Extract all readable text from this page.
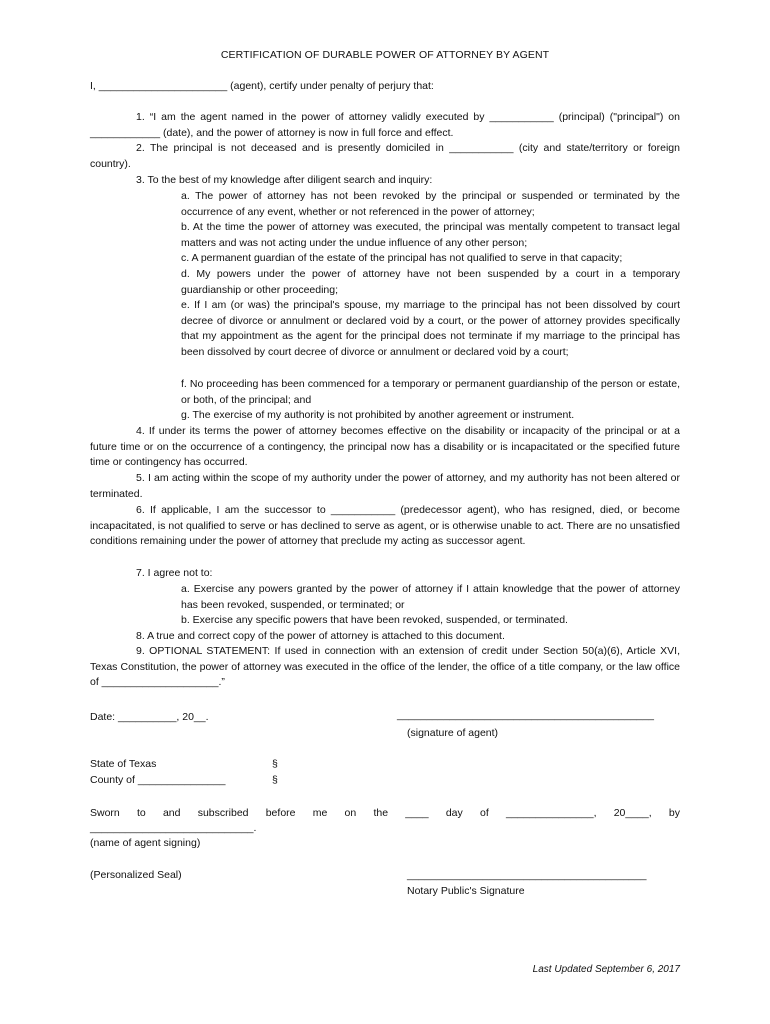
CERTIFICATION OF DURABLE POWER OF ATTORNEY BY AGENT
I, ______________________ (agent), certify under penalty of perjury that:
1. “I am the agent named in the power of attorney validly executed by ___________ (principal) ("principal") on ____________ (date), and the power of attorney is now in full force and effect.
2. The principal is not deceased and is presently domiciled in ___________ (city and state/territory or foreign country).
3. To the best of my knowledge after diligent search and inquiry:
a. The power of attorney has not been revoked by the principal or suspended or terminated by the occurrence of any event, whether or not referenced in the power of attorney;
b. At the time the power of attorney was executed, the principal was mentally competent to transact legal matters and was not acting under the undue influence of any other person;
c. A permanent guardian of the estate of the principal has not qualified to serve in that capacity;
d. My powers under the power of attorney have not been suspended by a court in a temporary guardianship or other proceeding;
e. If I am (or was) the principal's spouse, my marriage to the principal has not been dissolved by court decree of divorce or annulment or declared void by a court, or the power of attorney provides specifically that my appointment as the agent for the principal does not terminate if my marriage to the principal has been dissolved by court decree of divorce or annulment or declared void by a court;
f. No proceeding has been commenced for a temporary or permanent guardianship of the person or estate, or both, of the principal; and
g. The exercise of my authority is not prohibited by another agreement or instrument.
4. If under its terms the power of attorney becomes effective on the disability or incapacity of the principal or at a future time or on the occurrence of a contingency, the principal now has a disability or is incapacitated or the specified future time or contingency has occurred.
5. I am acting within the scope of my authority under the power of attorney, and my authority has not been altered or terminated.
6. If applicable, I am the successor to ___________ (predecessor agent), who has resigned, died, or become incapacitated, is not qualified to serve or has declined to serve as agent, or is otherwise unable to act. There are no unsatisfied conditions remaining under the power of attorney that preclude my acting as successor agent.
7. I agree not to:
a. Exercise any powers granted by the power of attorney if I attain knowledge that the power of attorney has been revoked, suspended, or terminated; or
b. Exercise any specific powers that have been revoked, suspended, or terminated.
8. A true and correct copy of the power of attorney is attached to this document.
9. OPTIONAL STATEMENT: If used in connection with an extension of credit under Section 50(a)(6), Article XVI, Texas Constitution, the power of attorney was executed in the office of the lender, the office of a title company, or the law office of ____________________.”
Date: __________, 20__.	____________________________________________
(signature of agent)
State of Texas	§
County of _______________	§
Sworn to and subscribed before me on the ____ day of _______________, 20____, by
____________________________.
(name of agent signing)
(Personalized Seal)	_________________________________________
Notary Public's Signature
Last Updated September 6, 2017
